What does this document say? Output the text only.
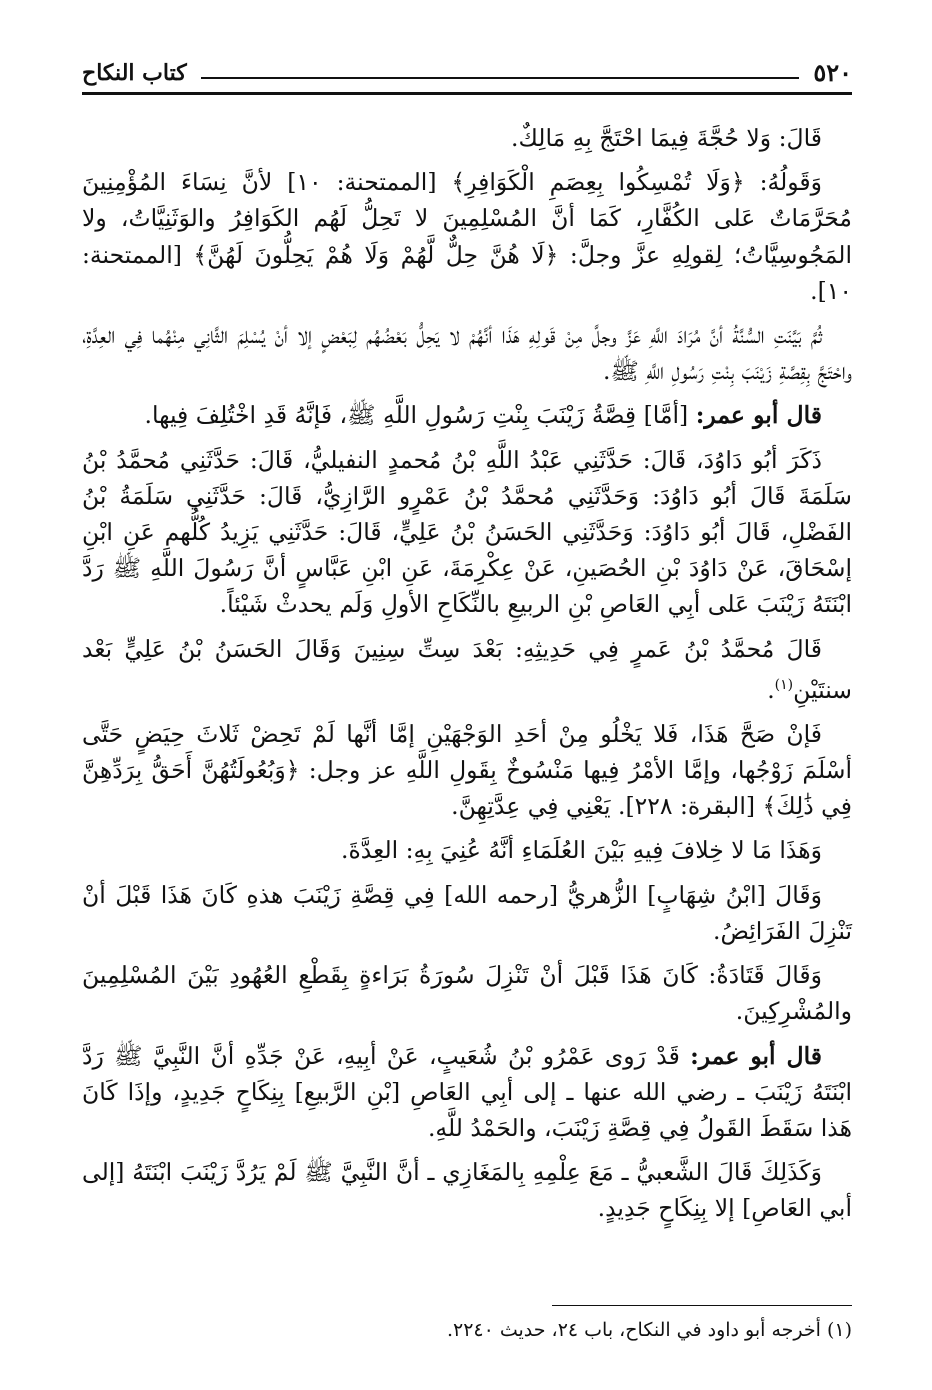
٥٢٠
كتاب النكاح

قَالَ: وَلا حُجَّةَ فِيمَا احْتَجَّ بِهِ مَالِكٌ.

وَقَولُهُ: ﴿وَلَا تُمْسِكُوا بِعِصَمِ الْكَوَافِرِ﴾ [الممتحنة: ١٠] لأنَّ نِسَاءَ المُؤْمِنِينَ مُحَرَّمَاتٌ عَلى الكُفَّارِ، كَمَا أنَّ المُسْلِمِينَ لا تَحِلُّ لَهُم الكَوَافِرُ والوَثَنِيَّاتُ، ولا المَجُوسِيَّاتُ؛ لِقولِهِ عزَّ وجلَّ: ﴿لَا هُنَّ حِلٌّ لَّهُمْ وَلَا هُمْ يَحِلُّونَ لَهُنَّ﴾ [الممتحنة: ١٠].

ثُمَّ بَيَّنَتِ السُّنَّةُ أنَّ مُرَادَ اللَّهِ عَزَّ وجلَّ مِنْ قَولِهِ هَذَا أنَّهُمْ لا يَحِلُّ بَعْضُهُم لِبَعْضٍ إلا أنْ يُسْلِمَ الثَّانِي مِنْهُما فِي العِدَّةِ، واحْتَجَّ بِقِصَّةِ زَيْنَبَ بِنْتِ رَسُولِ اللَّهِ ﷺ.

قال أبو عمر: [أمَّا] قِصَّةُ زَيْنَبَ بِنْتِ رَسُولِ اللَّهِ ﷺ، فَإنَّهُ قَدِ اخْتُلِفَ فِيها.

ذَكَرَ أبُو دَاوُدَ، قَالَ: حَدَّثَنِي عَبْدُ اللَّهِ بْنُ مُحمدٍ النفيليُّ، قَالَ: حَدَّثَنِي مُحمَّدُ بْنُ سَلَمَةَ قَالَ أبُو دَاوُدَ: وَحَدَّثَنِي مُحمَّدُ بْنُ عَمْرٍو الرَّازِيُّ، قَالَ: حَدَّثَنِي سَلَمَةُ بْنُ الفَضْلِ، قَالَ أبُو دَاوُدَ: وَحَدَّثَنِي الحَسَنُ بْنُ عَلِيٍّ، قَالَ: حَدَّثَنِي يَزِيدُ كُلُّهم عَنِ ابْنِ إسْحَاقَ، عَنْ دَاوُدَ بْنِ الحُصَينِ، عَنْ عِكْرِمَةَ، عَنِ ابْنِ عَبَّاسٍ أنَّ رَسُولَ اللَّهِ ﷺ رَدَّ ابْنَتَهُ زَيْنَبَ عَلى أبِي العَاصِ بْنِ الربيعِ بالنِّكَاحِ الأولِ وَلَم يحدثْ شَيْئاً.

قَالَ مُحمَّدُ بْنُ عَمرٍ فِي حَدِيثِهِ: بَعْدَ سِتِّ سِنِينَ وَقَالَ الحَسَنُ بْنُ عَلِيٍّ بَعْد سنتَيْنِ$^{(١)}$.

فَإنْ صَحَّ هَذَا، فَلا يَخْلُو مِنْ أحَدِ الوَجْهَيْنِ إمَّا أنَّها لَمْ تَحِضْ ثَلاثَ حِيَضٍ حَتَّى أسْلَمَ زَوْجُها، وإمَّا الأمْرُ فِيها مَنْسُوخٌ بِقَولِ اللَّهِ عز وجل: ﴿وَبُعُولَتُهُنَّ أَحَقُّ بِرَدِّهِنَّ فِي ذَٰلِكَ﴾ [البقرة: ٢٢٨]. يَعْنِي فِي عِدَّتِهِنَّ.

وَهَذَا مَا لا خِلافَ فِيهِ بَيْنَ العُلَمَاءِ أنَّهُ عُنِيَ بِهِ: العِدَّةَ.

وَقَالَ [ابْنُ شِهَابٍ] الزُّهريُّ [رحمه الله] فِي قِصَّةِ زَيْنَبَ هذهِ كَانَ هَذَا قَبْلَ أنْ تَنْزِلَ الفَرَائِضُ.

وَقَالَ قَتَادَةُ: كَانَ هَذَا قَبْلَ أنْ تَنْزِلَ سُورَةُ بَرَاءةٍ بِقَطْعِ العُهُودِ بَيْنَ المُسْلِمِينَ والمُشْرِكِينَ.

قال أبو عمر: قَدْ رَوى عَمْرُو بْنُ شُعَيبٍ، عَنْ أبِيهِ، عَنْ جَدِّهِ أنَّ النَّبِيَّ ﷺ رَدَّ ابْنَتَهُ زَيْنَبَ ـ رضي الله عنها ـ إلى أبِي العَاصِ [بْنِ الرَّبيعِ] بِنِكَاحٍ جَدِيدٍ، وإذَا كَانَ هَذا سَقَطَ القَولُ فِي قِصَّةِ زَيْنَبَ، والحَمْدُ للَّهِ.

وَكَذَلِكَ قَالَ الشَّعبيُّ ـ مَعَ عِلْمِهِ بِالمَغَازِي ـ أنَّ النَّبِيَّ ﷺ لَمْ يَرُدَّ زَيْنَبَ ابْنَتَهُ [إلى أبي العَاصِ] إلا بِنِكَاحٍ جَدِيدٍ.

(١) أخرجه أبو داود في النكاح، باب ٢٤، حديث ٢٢٤٠.
